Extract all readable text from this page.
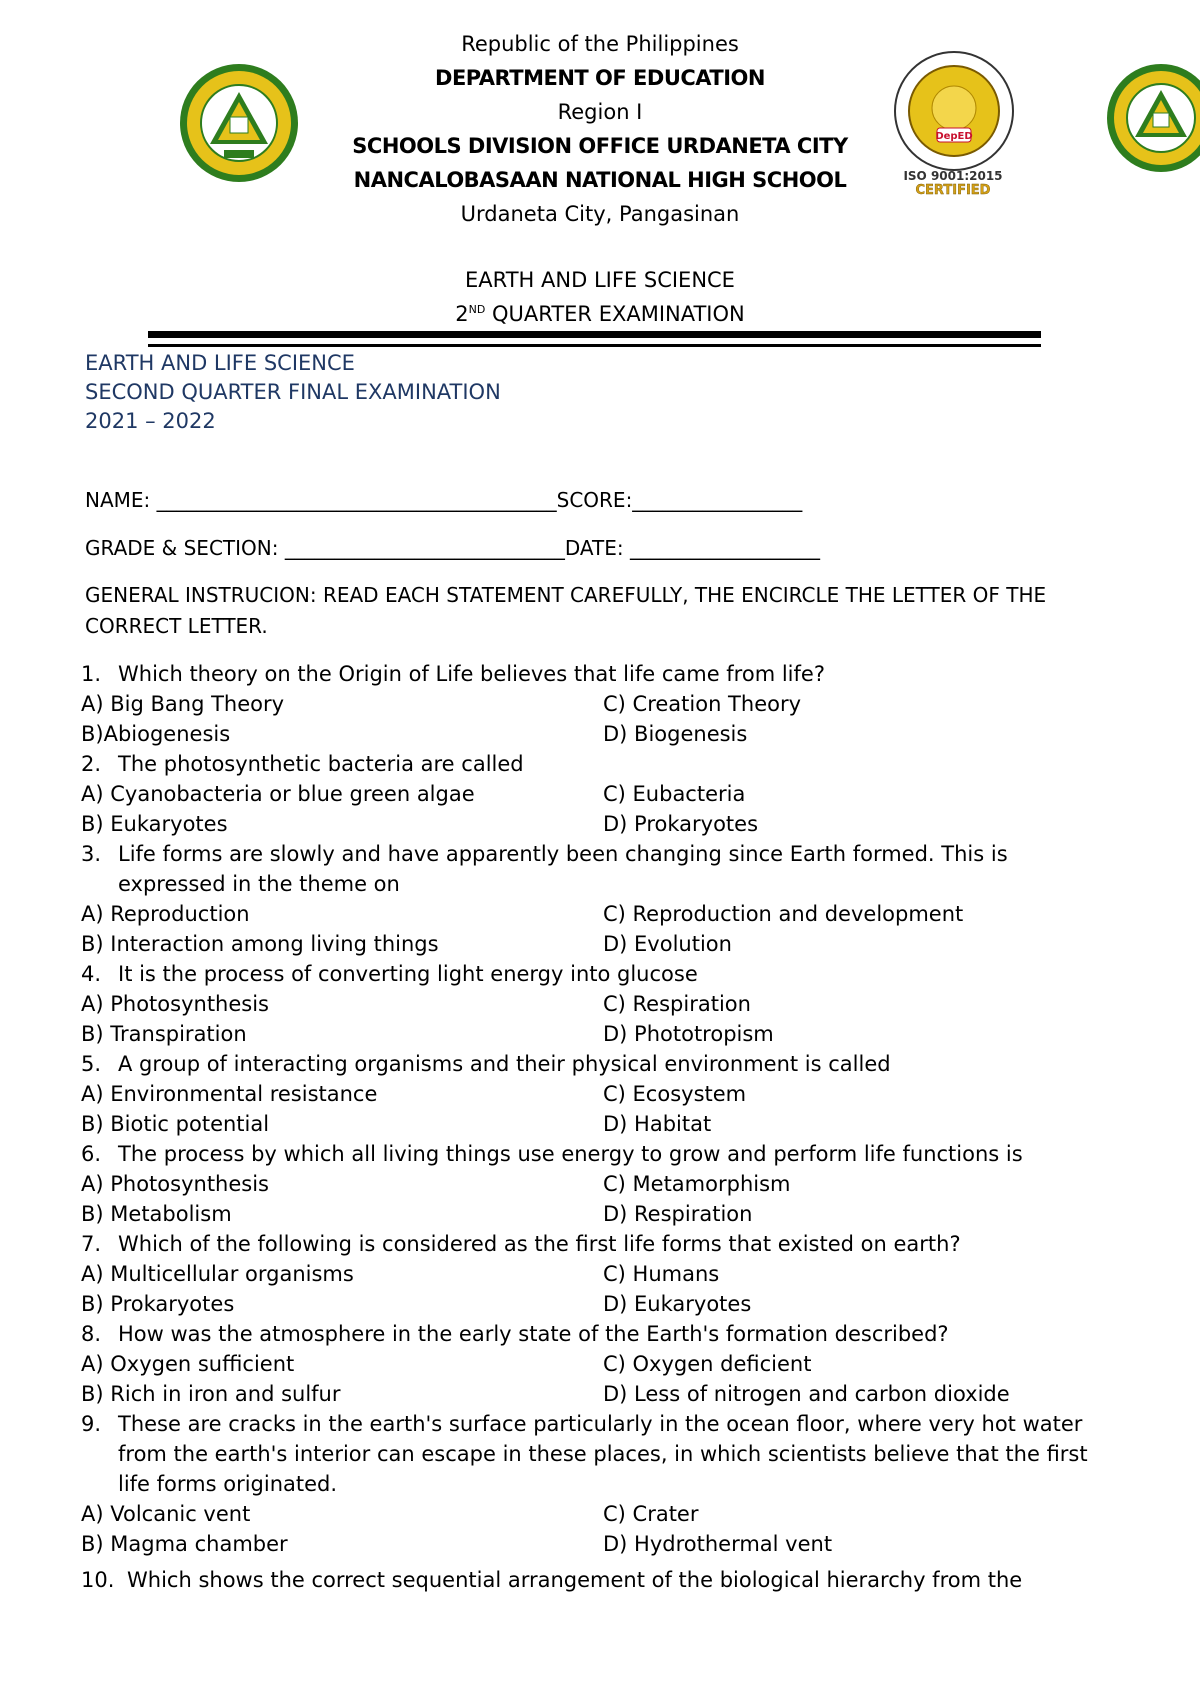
DepED
ISO 9001:2015
CERTIFIED
Republic of the Philippines
DEPARTMENT OF EDUCATION
Region I
SCHOOLS DIVISION OFFICE URDANETA CITY
NANCALOBASAAN NATIONAL HIGH SCHOOL
Urdaneta City, Pangasinan
EARTH AND LIFE SCIENCE
2ND QUARTER EXAMINATION
EARTH AND LIFE SCIENCE
SECOND QUARTER FINAL EXAMINATION
2021 – 2022
NAME: ________________________________________SCORE:_________________
GRADE & SECTION: ____________________________DATE: ___________________
GENERAL INSTRUCION: READ EACH STATEMENT CAREFULLY, THE ENCIRCLE THE LETTER OF THE CORRECT LETTER.
1. Which theory on the Origin of Life believes that life came from life?
A) Big Bang Theory	C) Creation Theory
B)Abiogenesis	D) Biogenesis
2. The photosynthetic bacteria are called
A) Cyanobacteria or blue green algae	C) Eubacteria
B) Eukaryotes	D) Prokaryotes
3. Life forms are slowly and have apparently been changing since Earth formed. This is
expressed in the theme on
A) Reproduction	C) Reproduction and development
B) Interaction among living things	D) Evolution
4. It is the process of converting light energy into glucose
A) Photosynthesis	C) Respiration
B) Transpiration	D) Phototropism
5. A group of interacting organisms and their physical environment is called
A) Environmental resistance	C) Ecosystem
B) Biotic potential	D) Habitat
6. The process by which all living things use energy to grow and perform life functions is
A) Photosynthesis	C) Metamorphism
B) Metabolism	D) Respiration
7. Which of the following is considered as the first life forms that existed on earth?
A) Multicellular organisms	C) Humans
B) Prokaryotes	D) Eukaryotes
8. How was the atmosphere in the early state of the Earth's formation described?
A) Oxygen sufficient	C) Oxygen deficient
B) Rich in iron and sulfur	D) Less of nitrogen and carbon dioxide
9. These are cracks in the earth's surface particularly in the ocean floor, where very hot water
from the earth's interior can escape in these places, in which scientists believe that the first
life forms originated.
A) Volcanic vent	C) Crater
B) Magma chamber	D) Hydrothermal vent
10. Which shows the correct sequential arrangement of the biological hierarchy from the
